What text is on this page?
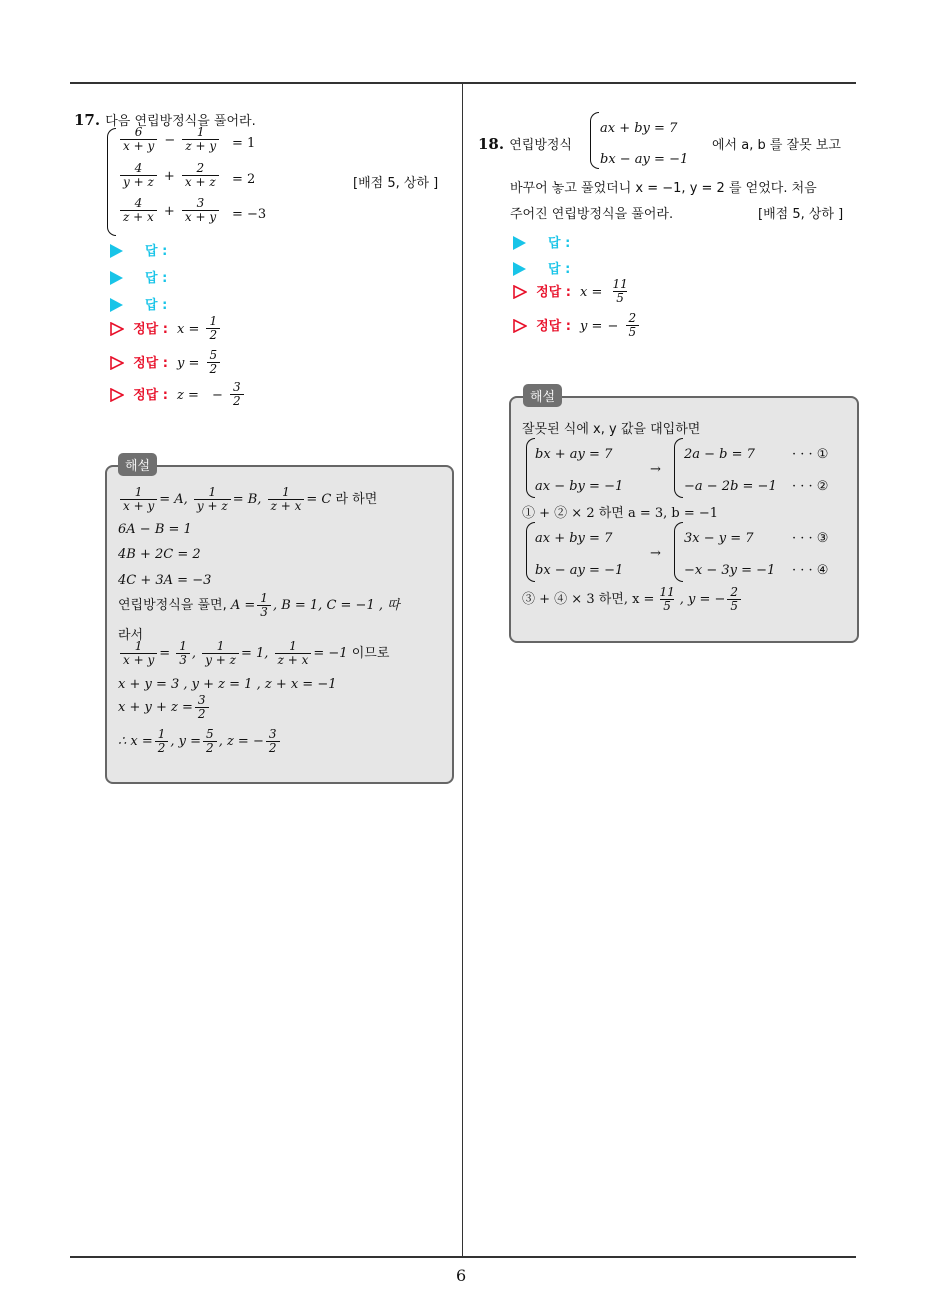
6
17. 다음 연립방정식을 풀어라.
$\frac{6}{x + y} - \frac{1}{z + y} = 1$
$\frac{4}{y + z} + \frac{2}{x + z} = 2$
$\frac{4}{z + x} + \frac{3}{x + y} = -3$
[배점 5, 상하 ]
답 :
답 :
답 :
정답 : $x = \frac{1}{2}$
정답 : $y = \frac{5}{2}$
정답 : z = − $\frac{3}{2}$
해설
$\frac{1}{x + y} = A$, $\frac{1}{y + z} = B$, $\frac{1}{z + x} = C$ 라 하면
6A − B = 1
4B + 2C = 2
4C + 3A = −3
연립방정식을 풀면, $A = \frac{1}{3}$ , B = 1, C = −1 , 따
라서
$\frac{1}{x + y} = \frac{1}{3}$ , $\frac{1}{y + z} = 1$, $\frac{1}{z + x} = -1$ 이므로
x + y = 3 , y + z = 1 , z + x = −1
$x + y + z = \frac{3}{2}$
∴ $x = \frac{1}{2}$ , $y = \frac{5}{2}$ , z = − $\frac{3}{2}$
18. 연립방정식
ax + by = 7
bx − ay = −1
에서 a, b 를 잘못 보고
바꾸어 놓고 풀었더니 x = −1, y = 2 를 얻었다. 처음
주어진 연립방정식을 풀어라.	[배점 5, 상하 ]
답 :
답 :
정답 : $x = \frac{11}{5}$
정답 : y = − $\frac{2}{5}$
해설
잘못된 식에 x, y 값을 대입하면
bx + ay = 7
ax − by = −1
→
2a − b = 7
−a − 2b = −1
· · · ①
· · · ②
① + ② × 2 하면 a = 3, b = −1
ax + by = 7
bx − ay = −1
→
3x − y = 7
−x − 3y = −1
· · · ③
· · · ④
③ + ④ × 3 하면, $x = \frac{11}{5}$ , y = − $\frac{2}{5}$
